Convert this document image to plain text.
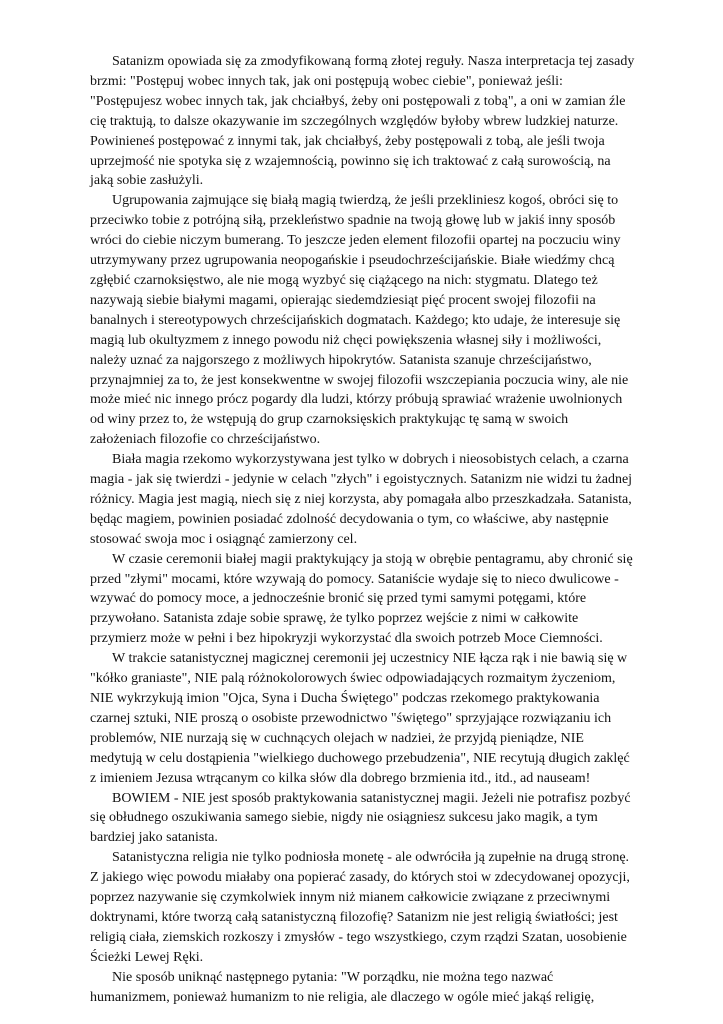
Satanizm opowiada się za zmodyfikowaną formą złotej reguły. Nasza interpretacja tej zasady brzmi: "Postępuj wobec innych tak, jak oni postępują wobec ciebie", ponieważ jeśli: "Postępujesz wobec innych tak, jak chciałbyś, żeby oni postępowali z tobą", a oni w zamian źle cię traktują, to dalsze okazywanie im szczególnych względów byłoby wbrew ludzkiej naturze. Powinieneś postępować z innymi tak, jak chciałbyś, żeby postępowali z tobą, ale jeśli twoja uprzejmość nie spotyka się z wzajemnością, powinno się ich traktować z całą surowością, na jaką sobie zasłużyli.

Ugrupowania zajmujące się białą magią twierdzą, że jeśli przekliniesz kogoś, obróci się to przeciwko tobie z potrójną siłą, przekleństwo spadnie na twoją głowę lub w jakiś inny sposób wróci do ciebie niczym bumerang. To jeszcze jeden element filozofii opartej na poczuciu winy utrzymywany przez ugrupowania neopogańskie i pseudochrześcijańskie. Białe wiedźmy chcą zgłębić czarnoksięstwo, ale nie mogą wyzbyć się ciążącego na nich: stygmatu. Dlatego też nazywają siebie białymi magami, opierając siedemdziesiąt pięć procent swojej filozofii na banalnych i stereotypowych chrześcijańskich dogmatach. Każdego; kto udaje, że interesuje się magią lub okultyzmem z innego powodu niż chęci powiększenia własnej siły i możliwości, należy uznać za najgorszego z możliwych hipokrytów. Satanista szanuje chrześcijaństwo, przynajmniej za to, że jest konsekwentne w swojej filozofii wszczepiania poczucia winy, ale nie może mieć nic innego prócz pogardy dla ludzi, którzy próbują sprawiać wrażenie uwolnionych od winy przez to, że wstępują do grup czarnoksięskich praktykując tę samą w swoich założeniach filozofie co chrześcijaństwo.

Biała magia rzekomo wykorzystywana jest tylko w dobrych i nieosobistych celach, a czarna magia - jak się twierdzi - jedynie w celach "złych" i egoistycznych. Satanizm nie widzi tu żadnej różnicy. Magia jest magią, niech się z niej korzysta, aby pomagała albo przeszkadzała. Satanista, będąc magiem, powinien posiadać zdolność decydowania o tym, co właściwe, aby następnie stosować swoja moc i osiągnąć zamierzony cel.

W czasie ceremonii białej magii praktykujący ja stoją w obrębie pentagramu, aby chronić się przed "złymi" mocami, które wzywają do pomocy. Sataniście wydaje się to nieco dwulicowe - wzywać do pomocy moce, a jednocześnie bronić się przed tymi samymi potęgami, które przywołano. Satanista zdaje sobie sprawę, że tylko poprzez wejście z nimi w całkowite przymierz może w pełni i bez hipokryzji wykorzystać dla swoich potrzeb Moce Ciemności.

W trakcie satanistycznej magicznej ceremonii jej uczestnicy NIE łącza rąk i nie bawią się w "kółko graniaste", NIE palą różnokolorowych świec odpowiadających rozmaitym życzeniom, NIE wykrzykują imion "Ojca, Syna i Ducha Świętego" podczas rzekomego praktykowania czarnej sztuki, NIE proszą o osobiste przewodnictwo "świętego" sprzyjające rozwiązaniu ich problemów, NIE nurzają się w cuchnących olejach w nadziei, że przyjdą pieniądze, NIE medytują w celu dostąpienia "wielkiego duchowego przebudzenia", NIE recytują długich zaklęć z imieniem Jezusa wtrącanym co kilka słów dla dobrego brzmienia itd., itd., ad nauseam!

BOWIEM - NIE jest sposób praktykowania satanistycznej magii. Jeżeli nie potrafisz pozbyć się obłudnego oszukiwania samego siebie, nigdy nie osiągniesz sukcesu jako magik, a tym bardziej jako satanista.

Satanistyczna religia nie tylko podniosła monetę - ale odwróciła ją zupełnie na drugą stronę. Z jakiego więc powodu miałaby ona popierać zasady, do których stoi w zdecydowanej opozycji, poprzez nazywanie się czymkolwiek innym niż mianem całkowicie związane z przeciwnymi doktrynami, które tworzą całą satanistyczną filozofię? Satanizm nie jest religią światłości; jest religią ciała, ziemskich rozkoszy i zmysłów - tego wszystkiego, czym rządzi Szatan, uosobienie Ścieżki Lewej Ręki.

Nie sposób uniknąć następnego pytania: "W porządku, nie można tego nazwać humanizmem, ponieważ humanizm to nie religia, ale dlaczego w ogóle mieć jakąś religię,
